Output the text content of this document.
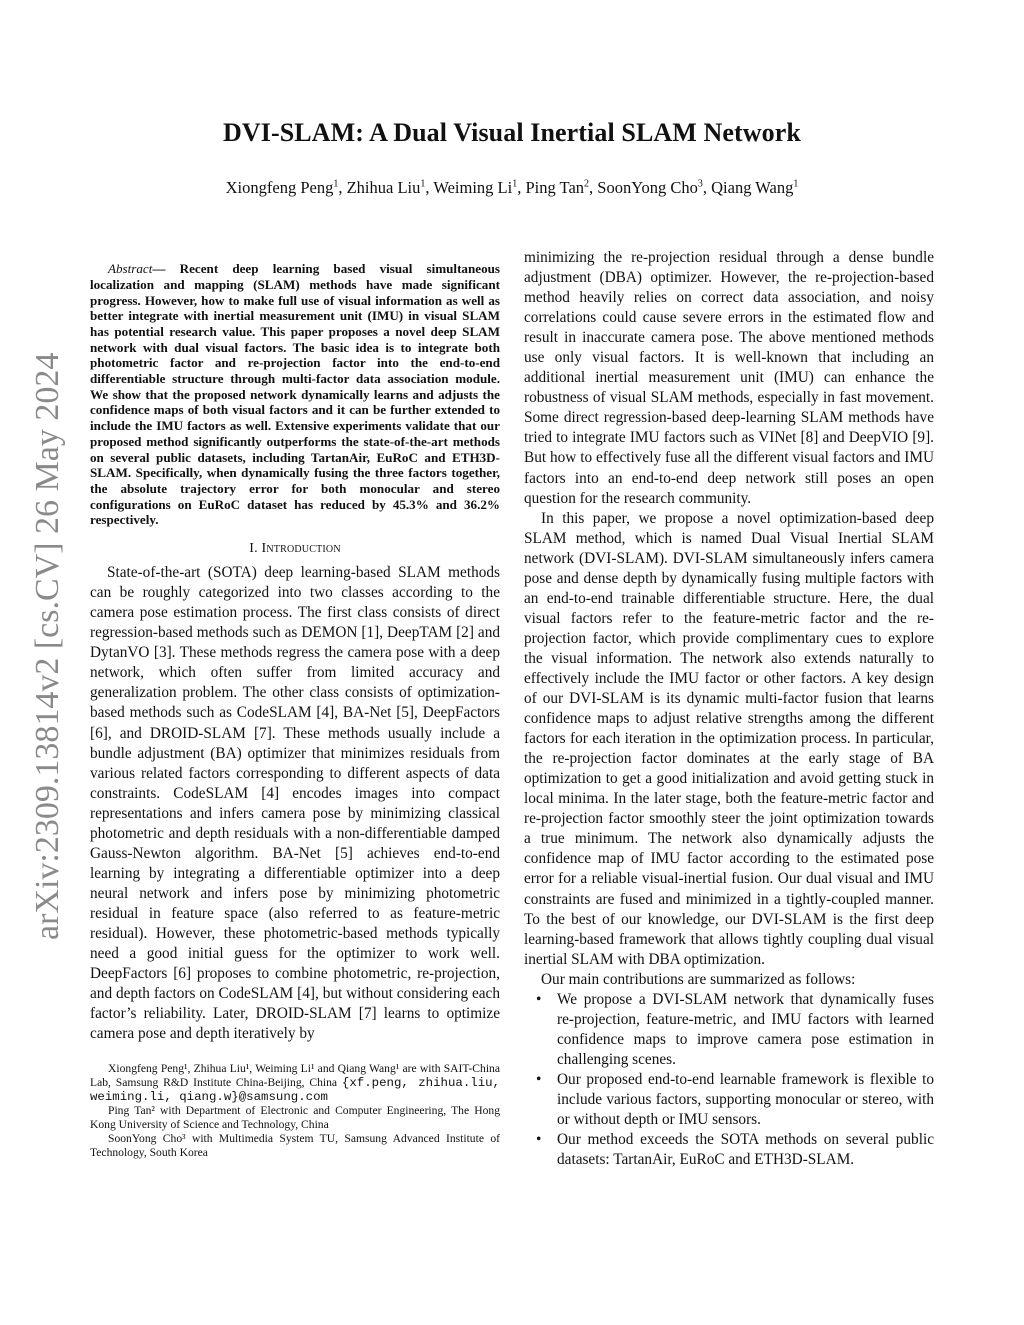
arXiv:2309.13814v2 [cs.CV] 26 May 2024
DVI-SLAM: A Dual Visual Inertial SLAM Network
Xiongfeng Peng$^1$, Zhihua Liu$^1$, Weiming Li$^1$, Ping Tan$^2$, SoonYong Cho$^3$, Qiang Wang$^1$

Abstract— Recent deep learning based visual simultaneous localization and mapping (SLAM) methods have made significant progress. However, how to make full use of visual information as well as better integrate with inertial measurement unit (IMU) in visual SLAM has potential research value. This paper proposes a novel deep SLAM network with dual visual factors. The basic idea is to integrate both photometric factor and re-projection factor into the end-to-end differentiable structure through multi-factor data association module. We show that the proposed network dynamically learns and adjusts the confidence maps of both visual factors and it can be further extended to include the IMU factors as well. Extensive experiments validate that our proposed method significantly outperforms the state-of-the-art methods on several public datasets, including TartanAir, EuRoC and ETH3D-SLAM. Specifically, when dynamically fusing the three factors together, the absolute trajectory error for both monocular and stereo configurations on EuRoC dataset has reduced by 45.3% and 36.2% respectively.

I. Introduction

State-of-the-art (SOTA) deep learning-based SLAM methods can be roughly categorized into two classes according to the camera pose estimation process. The first class consists of direct regression-based methods such as DEMON [1], DeepTAM [2] and DytanVO [3]. These methods regress the camera pose with a deep network, which often suffer from limited accuracy and generalization problem. The other class consists of optimization-based methods such as CodeSLAM [4], BA-Net [5], DeepFactors [6], and DROID-SLAM [7]. These methods usually include a bundle adjustment (BA) optimizer that minimizes residuals from various related factors corresponding to different aspects of data constraints. CodeSLAM [4] encodes images into compact representations and infers camera pose by minimizing classical photometric and depth residuals with a non-differentiable damped Gauss-Newton algorithm. BA-Net [5] achieves end-to-end learning by integrating a differentiable optimizer into a deep neural network and infers pose by minimizing photometric residual in feature space (also referred to as feature-metric residual). However, these photometric-based methods typically need a good initial guess for the optimizer to work well. DeepFactors [6] proposes to combine photometric, re-projection, and depth factors on CodeSLAM [4], but without considering each factor’s reliability. Later, DROID-SLAM [7] learns to optimize camera pose and depth iteratively by

Xiongfeng Peng¹, Zhihua Liu¹, Weiming Li¹ and Qiang Wang¹ are with SAIT-China Lab, Samsung R&D Institute China-Beijing, China {xf.peng, zhihua.liu, weiming.li, qiang.w}@samsung.com

Ping Tan² with Department of Electronic and Computer Engineering, The Hong Kong University of Science and Technology, China

SoonYong Cho³ with Multimedia System TU, Samsung Advanced Institute of Technology, South Korea

minimizing the re-projection residual through a dense bundle adjustment (DBA) optimizer. However, the re-projection-based method heavily relies on correct data association, and noisy correlations could cause severe errors in the estimated flow and result in inaccurate camera pose. The above mentioned methods use only visual factors. It is well-known that including an additional inertial measurement unit (IMU) can enhance the robustness of visual SLAM methods, especially in fast movement. Some direct regression-based deep-learning SLAM methods have tried to integrate IMU factors such as VINet [8] and DeepVIO [9]. But how to effectively fuse all the different visual factors and IMU factors into an end-to-end deep network still poses an open question for the research community.

In this paper, we propose a novel optimization-based deep SLAM method, which is named Dual Visual Inertial SLAM network (DVI-SLAM). DVI-SLAM simultaneously infers camera pose and dense depth by dynamically fusing multiple factors with an end-to-end trainable differentiable structure. Here, the dual visual factors refer to the feature-metric factor and the re-projection factor, which provide complimentary cues to explore the visual information. The network also extends naturally to effectively include the IMU factor or other factors. A key design of our DVI-SLAM is its dynamic multi-factor fusion that learns confidence maps to adjust relative strengths among the different factors for each iteration in the optimization process. In particular, the re-projection factor dominates at the early stage of BA optimization to get a good initialization and avoid getting stuck in local minima. In the later stage, both the feature-metric factor and re-projection factor smoothly steer the joint optimization towards a true minimum. The network also dynamically adjusts the confidence map of IMU factor according to the estimated pose error for a reliable visual-inertial fusion. Our dual visual and IMU constraints are fused and minimized in a tightly-coupled manner. To the best of our knowledge, our DVI-SLAM is the first deep learning-based framework that allows tightly coupling dual visual inertial SLAM with DBA optimization.

Our main contributions are summarized as follows:

• We propose a DVI-SLAM network that dynamically fuses re-projection, feature-metric, and IMU factors with learned confidence maps to improve camera pose estimation in challenging scenes.
• Our proposed end-to-end learnable framework is flexible to include various factors, supporting monocular or stereo, with or without depth or IMU sensors.
• Our method exceeds the SOTA methods on several public datasets: TartanAir, EuRoC and ETH3D-SLAM.
